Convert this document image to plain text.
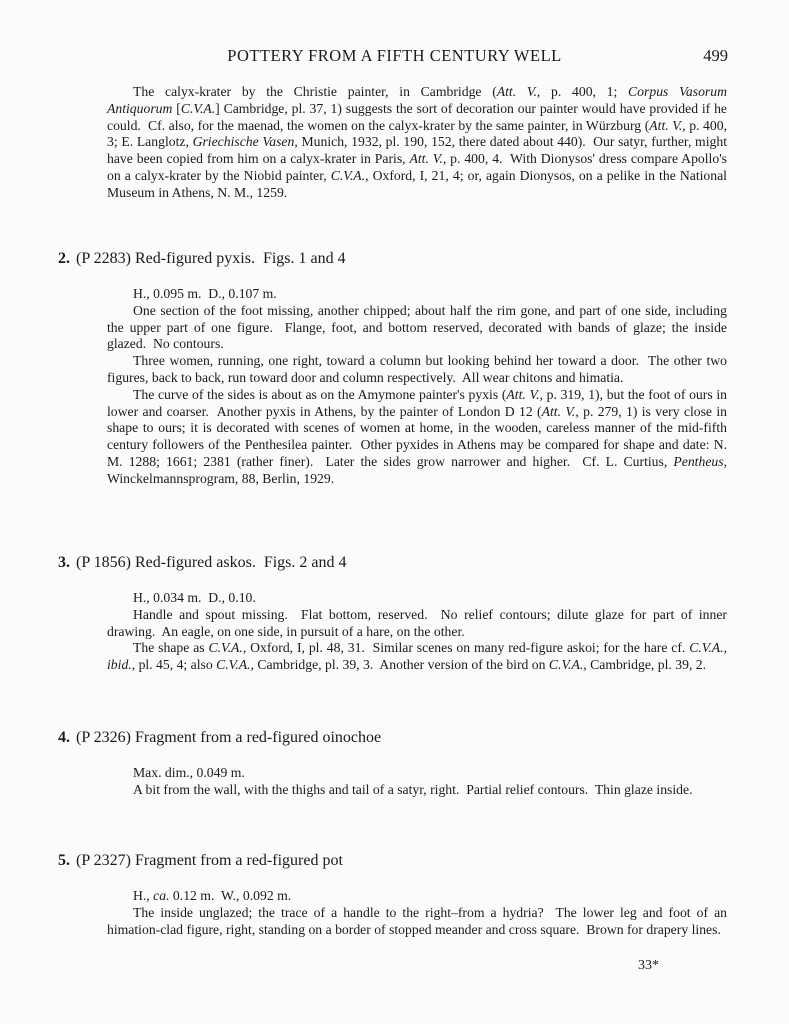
POTTERY FROM A FIFTH CENTURY WELL	499

The calyx-krater by the Christie painter, in Cambridge (Att. V., p. 400, 1; Corpus Vasorum Antiquorum [C.V.A.] Cambridge, pl. 37, 1) suggests the sort of decoration our painter would have provided if he could.  Cf. also, for the maenad, the women on the calyx-krater by the same painter, in Würzburg (Att. V., p. 400, 3; E. Langlotz, Griechische Vasen, Munich, 1932, pl. 190, 152, there dated about 440).  Our satyr, further, might have been copied from him on a calyx-krater in Paris, Att. V., p. 400, 4.  With Dionysos' dress compare Apollo's on a calyx-krater by the Niobid painter, C.V.A., Oxford, I, 21, 4; or, again Dionysos, on a pelike in the National Museum in Athens, N. M., 1259.

2. (P 2283) Red-figured pyxis.  Figs. 1 and 4

H., 0.095 m.  D., 0.107 m.

One section of the foot missing, another chipped; about half the rim gone, and part of one side, including the upper part of one figure.  Flange, foot, and bottom reserved, decorated with bands of glaze; the inside glazed.  No contours.

Three women, running, one right, toward a column but looking behind her toward a door.  The other two figures, back to back, run toward door and column respectively.  All wear chitons and himatia.

The curve of the sides is about as on the Amymone painter's pyxis (Att. V., p. 319, 1), but the foot of ours in lower and coarser.  Another pyxis in Athens, by the painter of London D 12 (Att. V., p. 279, 1) is very close in shape to ours; it is decorated with scenes of women at home, in the wooden, careless manner of the mid-fifth century followers of the Penthesilea painter.  Other pyxides in Athens may be compared for shape and date: N. M. 1288; 1661; 2381 (rather finer).  Later the sides grow narrower and higher.  Cf. L. Curtius, Pentheus, Winckelmannsprogram, 88, Berlin, 1929.

3. (P 1856) Red-figured askos.  Figs. 2 and 4

H., 0.034 m.  D., 0.10.

Handle and spout missing.  Flat bottom, reserved.  No relief contours; dilute glaze for part of inner drawing.  An eagle, on one side, in pursuit of a hare, on the other.

The shape as C.V.A., Oxford, I, pl. 48, 31.  Similar scenes on many red-figure askoi; for the hare cf. C.V.A., ibid., pl. 45, 4; also C.V.A., Cambridge, pl. 39, 3.  Another version of the bird on C.V.A., Cambridge, pl. 39, 2.

4. (P 2326) Fragment from a red-figured oinochoe

Max. dim., 0.049 m.

A bit from the wall, with the thighs and tail of a satyr, right.  Partial relief contours.  Thin glaze inside.

5. (P 2327) Fragment from a red-figured pot

H., ca. 0.12 m.  W., 0.092 m.

The inside unglazed; the trace of a handle to the right–from a hydria?  The lower leg and foot of an himation-clad figure, right, standing on a border of stopped meander and cross square.  Brown for drapery lines.

33*
